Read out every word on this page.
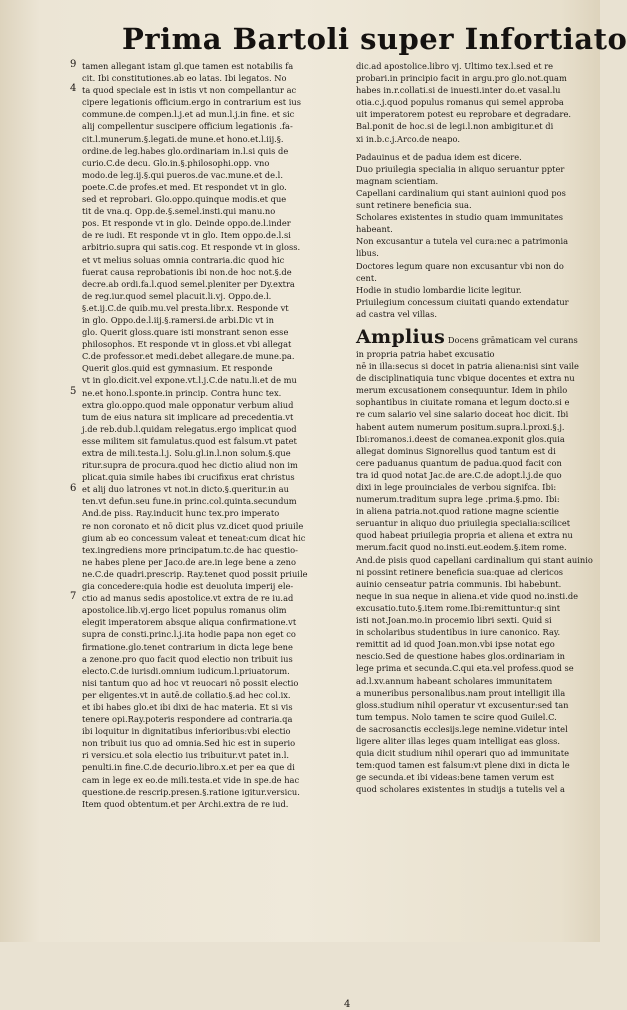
Prima Bartoli super Infortiato
tamen allegant istam gl.que tamen est notabilis fa
cit. Ibi constitutiones.ab eo latas. Ibi legatos. No
ta quod speciale est in istis vt non compellantur ac
cipere legationis officium.ergo in contrarium est ius
commune.de compen.l.j.et ad mun.l.j.in fine. et sic
alij compellentur suscipere officium legationis .fa-
cit.l.munerum.§.legati.de mune.et hono.et.l.iij.§.
ordine.de leg.habes glo.ordinariam in.l.si quis de
curio.C.de decu. Glo.in.§.philosophi.opp. vno
modo.de leg.ij.§.qui pueros.de vac.mune.et de.l.
poete.C.de profes.et med. Et respondet vt in glo.
sed et reprobari. Glo.oppo.quinque modis.et que
tit de vna.q. Opp.de.§.semel.insti.qui manu.no
pos. Et responde vt in glo. Deinde oppo.de.l.inder
de re iudi. Et responde vt in glo. Item oppo.de.l.si
arbitrio.supra qui satis.cog. Et responde vt in gloss.
et vt melius soluas omnia contraria.dic quod hic
fuerat causa reprobationis ibi non.de hoc not.§.de
decre.ab ordi.fa.l.quod semel.pleniter per Dy.extra
de reg.iur.quod semel placuit.li.vj. Oppo.de.l.
§.et.ij.C.de quib.mu.vel presta.libr.x. Responde vt
in glo. Oppo.de.l.iij.§.ramersi.de arbi.Dic vt in
glo. Querit gloss.quare isti monstrant senon esse
philosophos. Et responde vt in gloss.et vbi allegat
C.de professor.et medi.debet allegare.de mune.pa.
Querit glos.quid est gymnasium. Et responde
vt in glo.dicit.vel expone.vt.l.j.C.de natu.li.et de mu
ne.et hono.l.sponte.in princip. Contra hunc tex.
extra glo.oppo.quod male opponatur verbum aliud
tum de eius natura sit implicare ad precedentia.vt
j.de reb.dub.l.quidam relegatus.ergo implicat quod
esse militem sit famulatus.quod est falsum.vt patet
extra de mili.testa.l.j. Solu.gl.in.l.non solum.§.que
ritur.supra de procura.quod hec dictio aliud non im
plicat.quia simile habes ibi crucifixus erat christus
et alij duo latrones vt not.in dicto.§.queritur.in au
ten.vt defun.seu fune.in princ.col.quinta.secundum
And.de piss. Ray.inducit hunc tex.pro imperato
re non coronato et nō dicit plus vz.dicet quod priuile
gium ab eo concessum valeat et teneat:cum dicat hic
tex.ingrediens more principatum.tc.de hac questio-
ne habes plene per Jaco.de are.in lege bene a zeno
ne.C.de quadri.prescrip. Ray.tenet quod possit priuile
gia concedere:quia hodie est deuoluta imperij ele-
ctio ad manus sedis apostolice.vt extra de re iu.ad
apostolice.lib.vj.ergo licet populus romanus olim
elegit imperatorem absque aliqua confirmatione.vt
supra de consti.princ.l.j.ita hodie papa non eget co
firmatione.glo.tenet contrarium in dicta lege bene
a zenone.pro quo facit quod electio non tribuit ius
electo.C.de iurisdi.omnium iudicum.l.priuatorum.
nisi tantum quo ad hoc vt reuocari nō possit electio
per eligentes.vt in autē.de collatio.§.ad hec col.ix.
et ibi habes glo.et ibi dixi de hac materia. Et si vis
tenere opi.Ray.poteris respondere ad contraria.qa
ibi loquitur in dignitatibus inferioribus:vbi electio
non tribuit ius quo ad omnia.Sed hic est in superio
ri versicu.et sola electio ius tribuitur.vt patet in.l.
penulti.in fine.C.de decurio.libro.x.et per ea que di
cam in lege ex eo.de mili.testa.et vide in spe.de hac
questione.de rescrip.presen.§.ratione igitur.versicu.
Item quod obtentum.et per Archi.extra de re iud.
dic.ad apostolice.libro vj. Ultimo tex.l.sed et re
probari.in principio facit in argu.pro glo.not.quam
habes in.r.collati.si de inuesti.inter do.et vasal.lu
otia.c.j.quod populus romanus qui semel approba
uit imperatorem potest eu reprobare et degradare.
Bal.ponit de hoc.si de legi.l.non ambigitur.et di
xi in.b.c.j.Arco.de neapo.
Padauinus et de padua idem est dicere.
Duo priuilegia specialia in aliquo seruantur ppter
magnam scientiam.
Capellani cardinalium qui stant auinioni quod pos
sunt retinere beneficia sua.
Scholares existentes in studio quam immunitates
habeant.
Non excusantur a tutela vel cura:nec a patrimonia
libus.
Doctores legum quare non excusantur vbi non do
cent.
Hodie in studio lombardie licite legitur.
Priuilegium concessum ciuitati quando extendatur
ad castra vel villas.
Amplius Docens grāmaticam vel curans
in propria patria habet excusatio
nē in illa:secus si docet in patria aliena:nisi sint vaile
de disciplinatiquia tunc vbique docentes et extra nu
merum excusationem consequuntur. Idem in philo
sophantibus in ciuitate romana et legum docto.si e
re cum salario vel sine salario doceat hoc dicit. Ibi
habent autem numerum positum.supra.l.proxi.§.j.
Ibi:romanos.i.deest de comanea.exponit glos.quia
allegat dominus Signorellus quod tantum est di
cere paduanus quantum de padua.quod facit con
tra id quod notat Jac.de are.C.de adopt.l.j.de quo
dixi in lege prouinciales de verbou signifca. Ibi:
numerum.traditum supra lege .prima.§.pmo. Ibi:
in aliena patria.not.quod ratione magne scientie
seruantur in aliquo duo priuilegia specialia:scilicet
quod habeat priuilegia propria et aliena et extra nu
merum.facit quod no.insti.eut.eodem.§.item rome.
And.de pisis quod capellani cardinalium qui stant auinio
ni possint retinere beneficia sua:quae ad clericos
auinio censeatur patria communis. Ibi habebunt.
neque in sua neque in aliena.et vide quod no.insti.de
excusatio.tuto.§.item rome.Ibi:remittuntur:q sint
isti not.Joan.mo.in procemio libri sexti. Quid si
in scholaribus studentibus in iure canonico. Ray.
remittit ad id quod Joan.mon.vbi ipse notat ego
nescio.Sed de questione habes glos.ordinariam in
lege prima et secunda.C.qui eta.vel profess.quod se
ad.l.xv.annum habeant scholares immunitatem
a muneribus personalibus.nam prout intelligit illa
gloss.studium nihil operatur vt excusentur:sed tan
tum tempus. Nolo tamen te scire quod Guilel.C.
de sacrosanctis ecclesijs.lege nemine.videtur intel
ligere aliter illas leges quam intelligat eas gloss.
quia dicit studium nihil operari quo ad immunitate
tem:quod tamen est falsum:vt plene dixi in dicta le
ge secunda.et ibi videas:bene tamen verum est
quod scholares existentes in studijs a tutelis vel a
9
4
5
6
7
4
